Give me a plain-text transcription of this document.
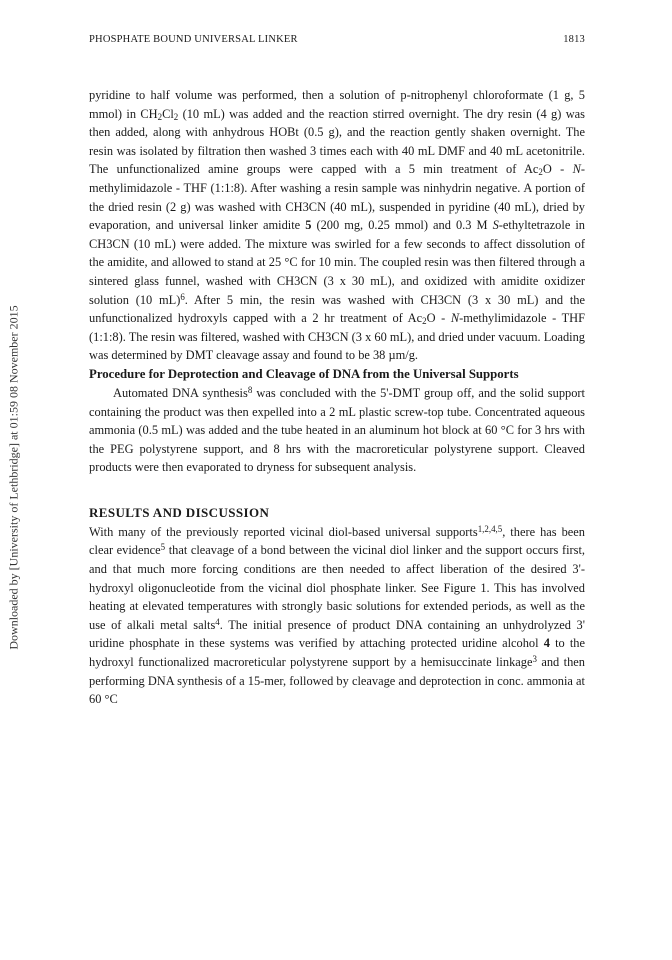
PHOSPHATE BOUND UNIVERSAL LINKER	1813
Downloaded by [University of Lethbridge] at 01:59 08 November 2015

pyridine to half volume was performed, then a solution of p-nitrophenyl chloroformate (1 g, 5 mmol) in $CH_2Cl_2$ (10 mL) was added and the reaction stirred overnight. The dry resin (4 g) was then added, along with anhydrous HOBt (0.5 g), and the reaction gently shaken overnight. The resin was isolated by filtration then washed 3 times each with 40 mL DMF and 40 mL acetonitrile. The unfunctionalized amine groups were capped with a 5 min treatment of $Ac_2O$ - N-methylimidazole - THF (1:1:8). After washing a resin sample was ninhydrin negative. A portion of the dried resin (2 g) was washed with CH3CN (40 mL), suspended in pyridine (40 mL), dried by evaporation, and universal linker amidite 5 (200 mg, 0.25 mmol) and 0.3 M S-ethyltetrazole in CH3CN (10 mL) were added. The mixture was swirled for a few seconds to affect dissolution of the amidite, and allowed to stand at 25 °C for 10 min. The coupled resin was then filtered through a sintered glass funnel, washed with CH3CN (3 x 30 mL), and oxidized with amidite oxidizer solution (10 mL)$^6$. After 5 min, the resin was washed with CH3CN (3 x 30 mL) and the unfunctionalized hydroxyls capped with a 2 hr treatment of $Ac_2O$ - N-methylimidazole - THF (1:1:8). The resin was filtered, washed with CH3CN (3 x 60 mL), and dried under vacuum. Loading was determined by DMT cleavage assay and found to be 38 µm/g.

Procedure for Deprotection and Cleavage of DNA from the Universal Supports

Automated DNA synthesis$^8$ was concluded with the 5'-DMT group off, and the solid support containing the product was then expelled into a 2 mL plastic screw-top tube. Concentrated aqueous ammonia (0.5 mL) was added and the tube heated in an aluminum hot block at 60 °C for 3 hrs with the PEG polystyrene support, and 8 hrs with the macroreticular polystyrene support. Cleaved products were then evaporated to dryness for subsequent analysis.

RESULTS AND DISCUSSION

With many of the previously reported vicinal diol-based universal supports$^{1,2,4,5}$, there has been clear evidence$^5$ that cleavage of a bond between the vicinal diol linker and the support occurs first, and that much more forcing conditions are then needed to affect liberation of the desired 3'-hydroxyl oligonucleotide from the vicinal diol phosphate linker. See Figure 1. This has involved heating at elevated temperatures with strongly basic solutions for extended periods, as well as the use of alkali metal salts$^4$. The initial presence of product DNA containing an unhydrolyzed 3' uridine phosphate in these systems was verified by attaching protected uridine alcohol 4 to the hydroxyl functionalized macroreticular polystyrene support by a hemisuccinate linkage$^3$ and then performing DNA synthesis of a 15-mer, followed by cleavage and deprotection in conc. ammonia at 60 °C
